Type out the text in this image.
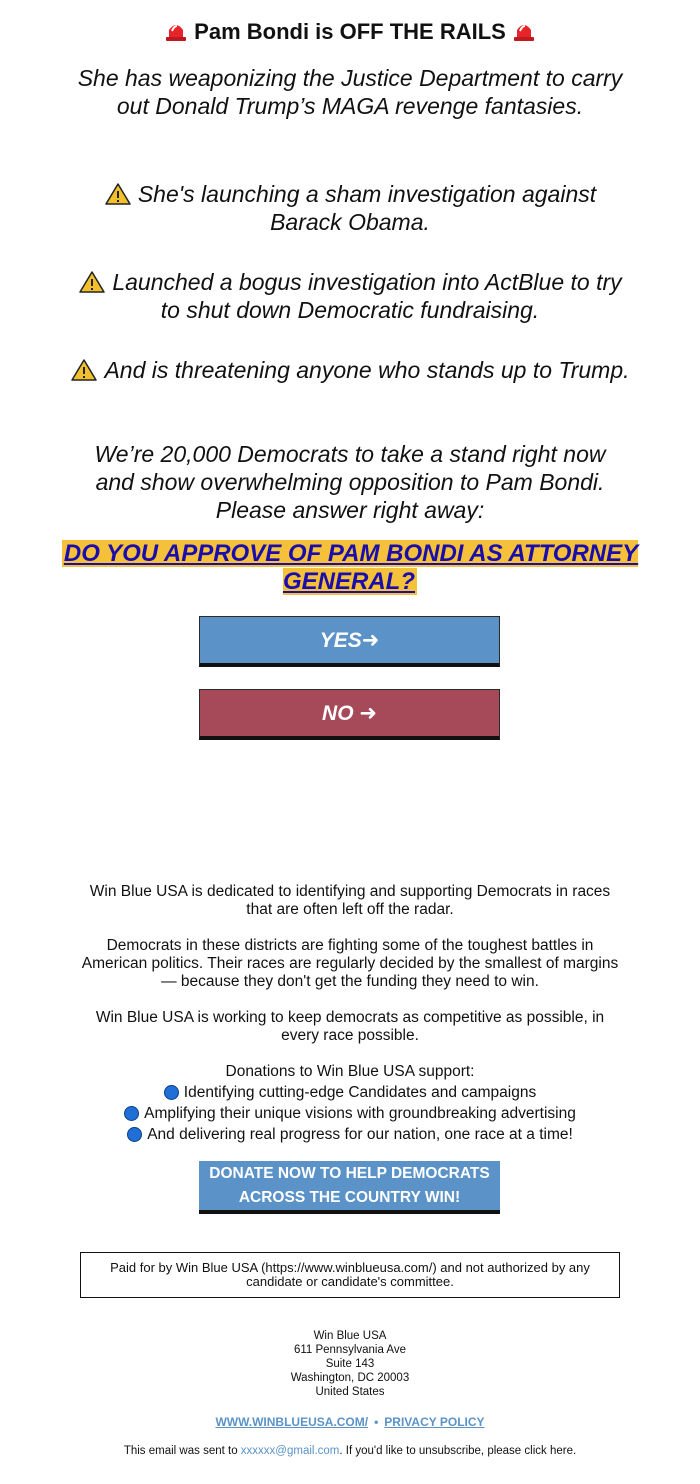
Pam Bondi is OFF THE RAILS
She has weaponizing the Justice Department to carry out Donald Trump’s MAGA revenge fantasies.
She's launching a sham investigation against Barack Obama.
Launched a bogus investigation into ActBlue to try to shut down Democratic fundraising.
And is threatening anyone who stands up to Trump.
We’re 20,000 Democrats to take a stand right now and show overwhelming opposition to Pam Bondi. Please answer right away:
DO YOU APPROVE OF PAM BONDI AS ATTORNEY GENERAL?
YES➜
NO ➜
Win Blue USA is dedicated to identifying and supporting Democrats in races that are often left off the radar.
Democrats in these districts are fighting some of the toughest battles in American politics. Their races are regularly decided by the smallest of margins — because they don't get the funding they need to win.
Win Blue USA is working to keep democrats as competitive as possible, in every race possible.
Donations to Win Blue USA support:
Identifying cutting-edge Candidates and campaigns
Amplifying their unique visions with groundbreaking advertising
And delivering real progress for our nation, one race at a time!
DONATE NOW TO HELP DEMOCRATS
ACROSS THE COUNTRY WIN!
Paid for by Win Blue USA (https://www.winblueusa.com/) and not authorized by any candidate or candidate's committee.
Win Blue USA
611 Pennsylvania Ave
Suite 143
Washington, DC 20003
United States
WWW.WINBLUEUSA.COM/ • PRIVACY POLICY
This email was sent to xxxxxx@gmail.com. If you'd like to unsubscribe, please click here.
